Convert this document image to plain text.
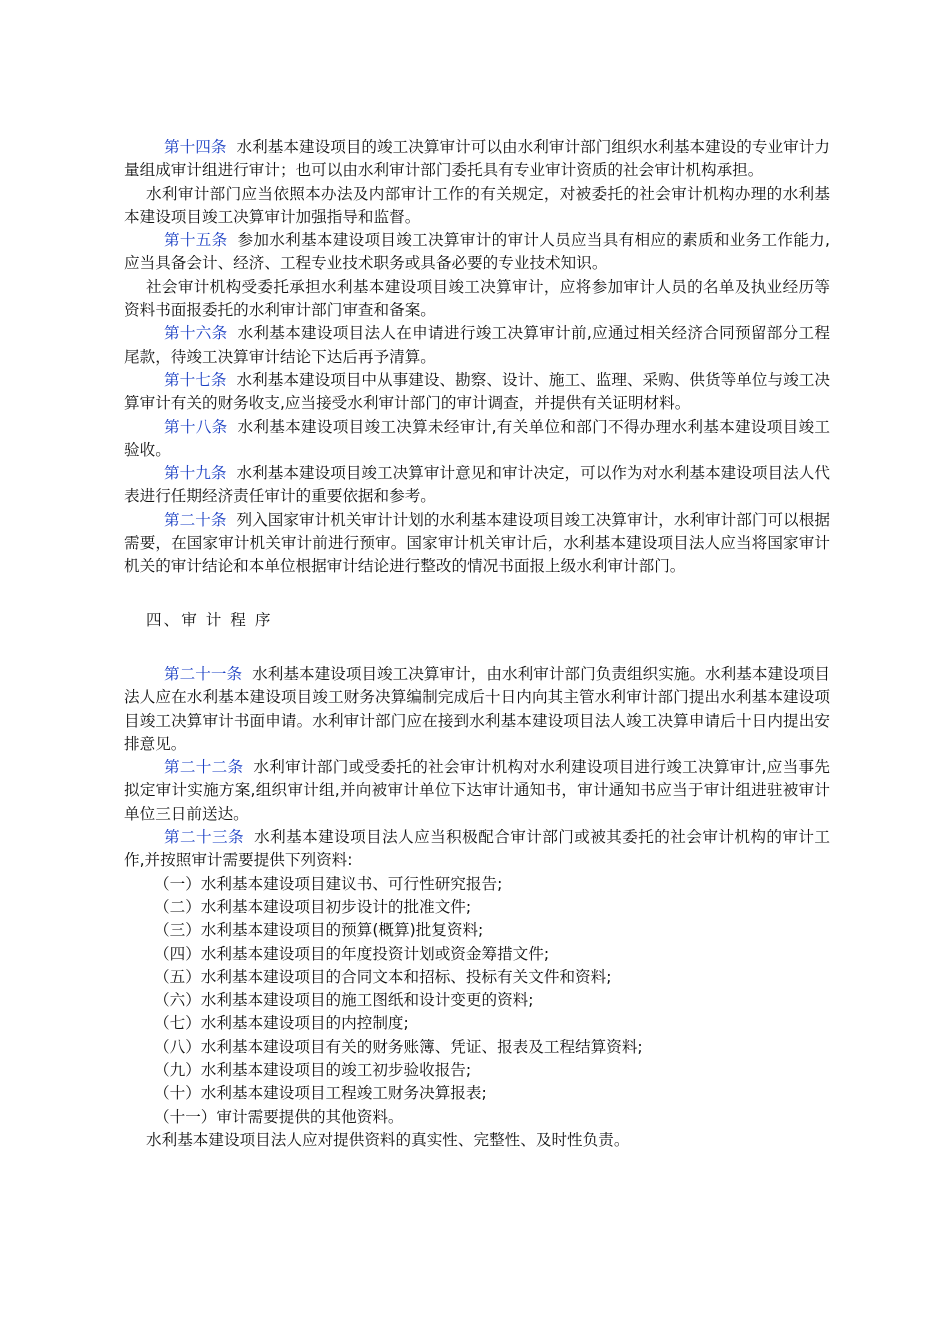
第十四条 水利基本建设项目的竣工决算审计可以由水利审计部门组织水利基本建设的专业审计力量组成审计组进行审计；也可以由水利审计部门委托具有专业审计资质的社会审计机构承担。

水利审计部门应当依照本办法及内部审计工作的有关规定，对被委托的社会审计机构办理的水利基本建设项目竣工决算审计加强指导和监督。

第十五条 参加水利基本建设项目竣工决算审计的审计人员应当具有相应的素质和业务工作能力,应当具备会计、经济、工程专业技术职务或具备必要的专业技术知识。

社会审计机构受委托承担水利基本建设项目竣工决算审计，应将参加审计人员的名单及执业经历等资料书面报委托的水利审计部门审查和备案。

第十六条 水利基本建设项目法人在申请进行竣工决算审计前,应通过相关经济合同预留部分工程尾款，待竣工决算审计结论下达后再予清算。

第十七条 水利基本建设项目中从事建设、勘察、设计、施工、监理、采购、供货等单位与竣工决算审计有关的财务收支,应当接受水利审计部门的审计调查，并提供有关证明材料。

第十八条 水利基本建设项目竣工决算未经审计,有关单位和部门不得办理水利基本建设项目竣工验收。

第十九条 水利基本建设项目竣工决算审计意见和审计决定，可以作为对水利基本建设项目法人代表进行任期经济责任审计的重要依据和参考。

第二十条 列入国家审计机关审计计划的水利基本建设项目竣工决算审计，水利审计部门可以根据需要，在国家审计机关审计前进行预审。国家审计机关审计后，水利基本建设项目法人应当将国家审计机关的审计结论和本单位根据审计结论进行整改的情况书面报上级水利审计部门。

四、审 计 程 序

第二十一条 水利基本建设项目竣工决算审计，由水利审计部门负责组织实施。水利基本建设项目法人应在水利基本建设项目竣工财务决算编制完成后十日内向其主管水利审计部门提出水利基本建设项目竣工决算审计书面申请。水利审计部门应在接到水利基本建设项目法人竣工决算申请后十日内提出安排意见。

第二十二条 水利审计部门或受委托的社会审计机构对水利建设项目进行竣工决算审计,应当事先拟定审计实施方案,组织审计组,并向被审计单位下达审计通知书，审计通知书应当于审计组进驻被审计单位三日前送达。

第二十三条 水利基本建设项目法人应当积极配合审计部门或被其委托的社会审计机构的审计工作,并按照审计需要提供下列资料:

（一）水利基本建设项目建议书、可行性研究报告;

（二）水利基本建设项目初步设计的批准文件;

（三）水利基本建设项目的预算(概算)批复资料;

（四）水利基本建设项目的年度投资计划或资金筹措文件;

（五）水利基本建设项目的合同文本和招标、投标有关文件和资料;

（六）水利基本建设项目的施工图纸和设计变更的资料;

（七）水利基本建设项目的内控制度;

（八）水利基本建设项目有关的财务账簿、凭证、报表及工程结算资料;

（九）水利基本建设项目的竣工初步验收报告;

（十）水利基本建设项目工程竣工财务决算报表;

（十一）审计需要提供的其他资料。

水利基本建设项目法人应对提供资料的真实性、完整性、及时性负责。
